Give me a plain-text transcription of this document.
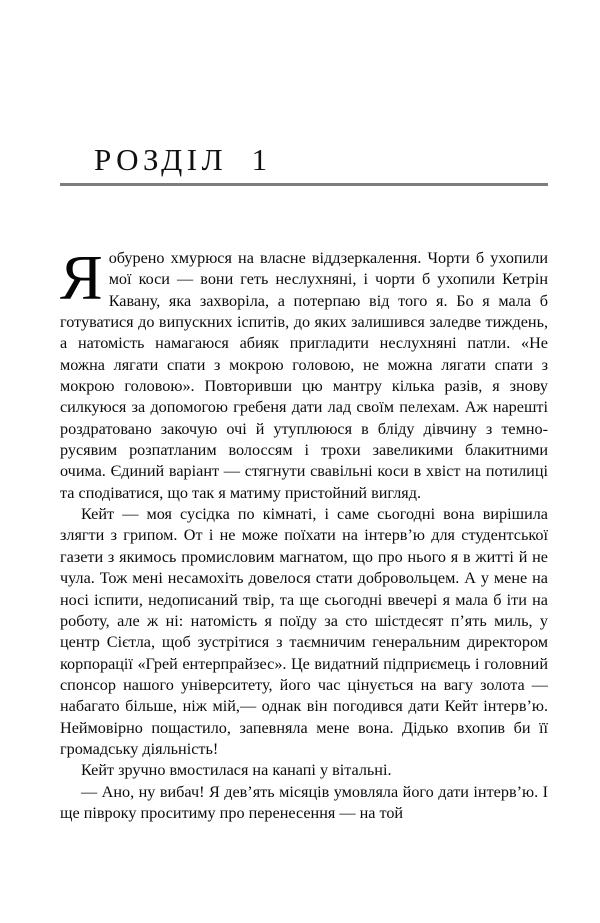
РОЗДІЛ  1

Яобурено хмурюся на власне віддзеркалення. Чорти б ухопили мої коси — вони геть неслухняні, і чорти б ухопили Кетрін Кавану, яка захворіла, а потерпаю від того я. Бо я мала б готуватися до випускних іспитів, до яких залишився заледве тиждень, а натомість намагаюся абияк пригладити неслухняні патли. «Не можна лягати спати з мокрою головою, не можна лягати спати з мокрою головою». Повторивши цю мантру кілька разів, я знову силкуюся за допомогою гребеня дати лад своїм пелехам. Аж нарешті роздратовано закочую очі й утуплююся в бліду дівчину з темно-русявим розпатланим волоссям і трохи завеликими блакитними очима. Єдиний варіант — стягнути свавільні коси в хвіст на потилиці та сподіватися, що так я матиму пристойний вигляд.

Кейт — моя сусідка по кімнаті, і саме сьогодні вона вирішила злягти з грипом. От і не може поїхати на інтерв’ю для студентської газети з якимось промисловим магнатом, що про нього я в житті й не чула. Тож мені несамохіть довелося стати добровольцем. А у мене на носі іспити, недописаний твір, та ще сьогодні ввечері я мала б іти на роботу, але ж ні: натомість я поїду за сто шістдесят п’ять миль, у центр Сієтла, щоб зустрітися з таємничим генеральним директором корпорації «Грей ентерпрайзес». Це видатний підприємець і головний спонсор нашого університету, його час цінується на вагу золота — набагато більше, ніж мій,— однак він погодився дати Кейт інтерв’ю. Неймовірно пощастило, запевняла мене вона. Дідько вхопив би її громадську діяльність!

Кейт зручно вмостилася на канапі у вітальні.

— Ано, ну вибач! Я дев’ять місяців умовляла його дати інтерв’ю. І ще півроку проситиму про перенесення — на той
